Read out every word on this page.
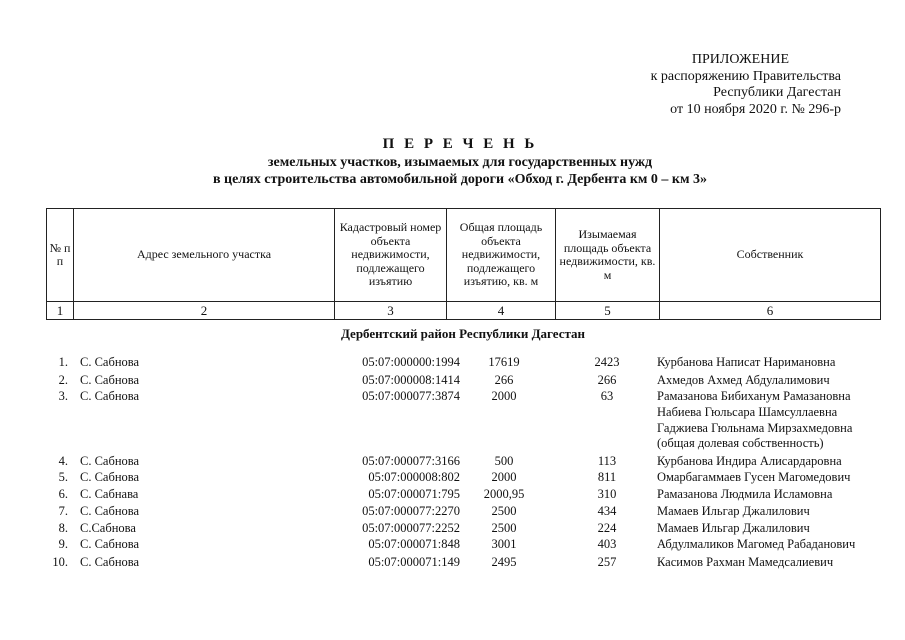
ПРИЛОЖЕНИЕ
к распоряжению Правительства
Республики Дагестан
от 10 ноября 2020 г. № 296-р
П Е Р Е Ч Е Н Ь
земельных участков, изымаемых для государственных нужд
в целях строительства автомобильной дороги «Обход г. Дербента км 0 – км 3»
№ п п	Адрес земельного участка	Кадастровый номер объекта недвижимости, подлежащего изъятию	Общая площадь объекта недвижимости, подлежащего изъятию, кв. м	Изымаемая площадь объекта недвижимости, кв. м	Собственник
1	2	3	4	5	6
Дербентский район Республики Дагестан
1. С. Сабнова	05:07:000000:1994	17619	2423	Курбанова Написат Наримановна
2. С. Сабнова	05:07:000008:1414	266	266	Ахмедов Ахмед Абдулалимович
3. С. Сабнова	05:07:000077:3874	2000	63	Рамазанова Бибиханум Рамазановна
Набиева Гюльсара Шамсуллаевна
Гаджиева Гюльнама Мирзахмедовна
(общая долевая собственность)
4. С. Сабнова	05:07:000077:3166	500	113	Курбанова Индира Алисардаровна
5. С. Сабнова	05:07:000008:802	2000	811	Омарбагаммаев Гусен Магомедович
6. С. Сабнава	05:07:000071:795	2000,95	310	Рамазанова Людмила Исламовна
7. С. Сабнова	05:07:000077:2270	2500	434	Мамаев Ильгар Джалилович
8. С.Сабнова	05:07:000077:2252	2500	224	Мамаев Ильгар Джалилович
9. С. Сабнова	05:07:000071:848	3001	403	Абдулмаликов Магомед Рабаданович
10. С. Сабнова	05:07:000071:149	2495	257	Касимов Рахман Мамедсалиевич
